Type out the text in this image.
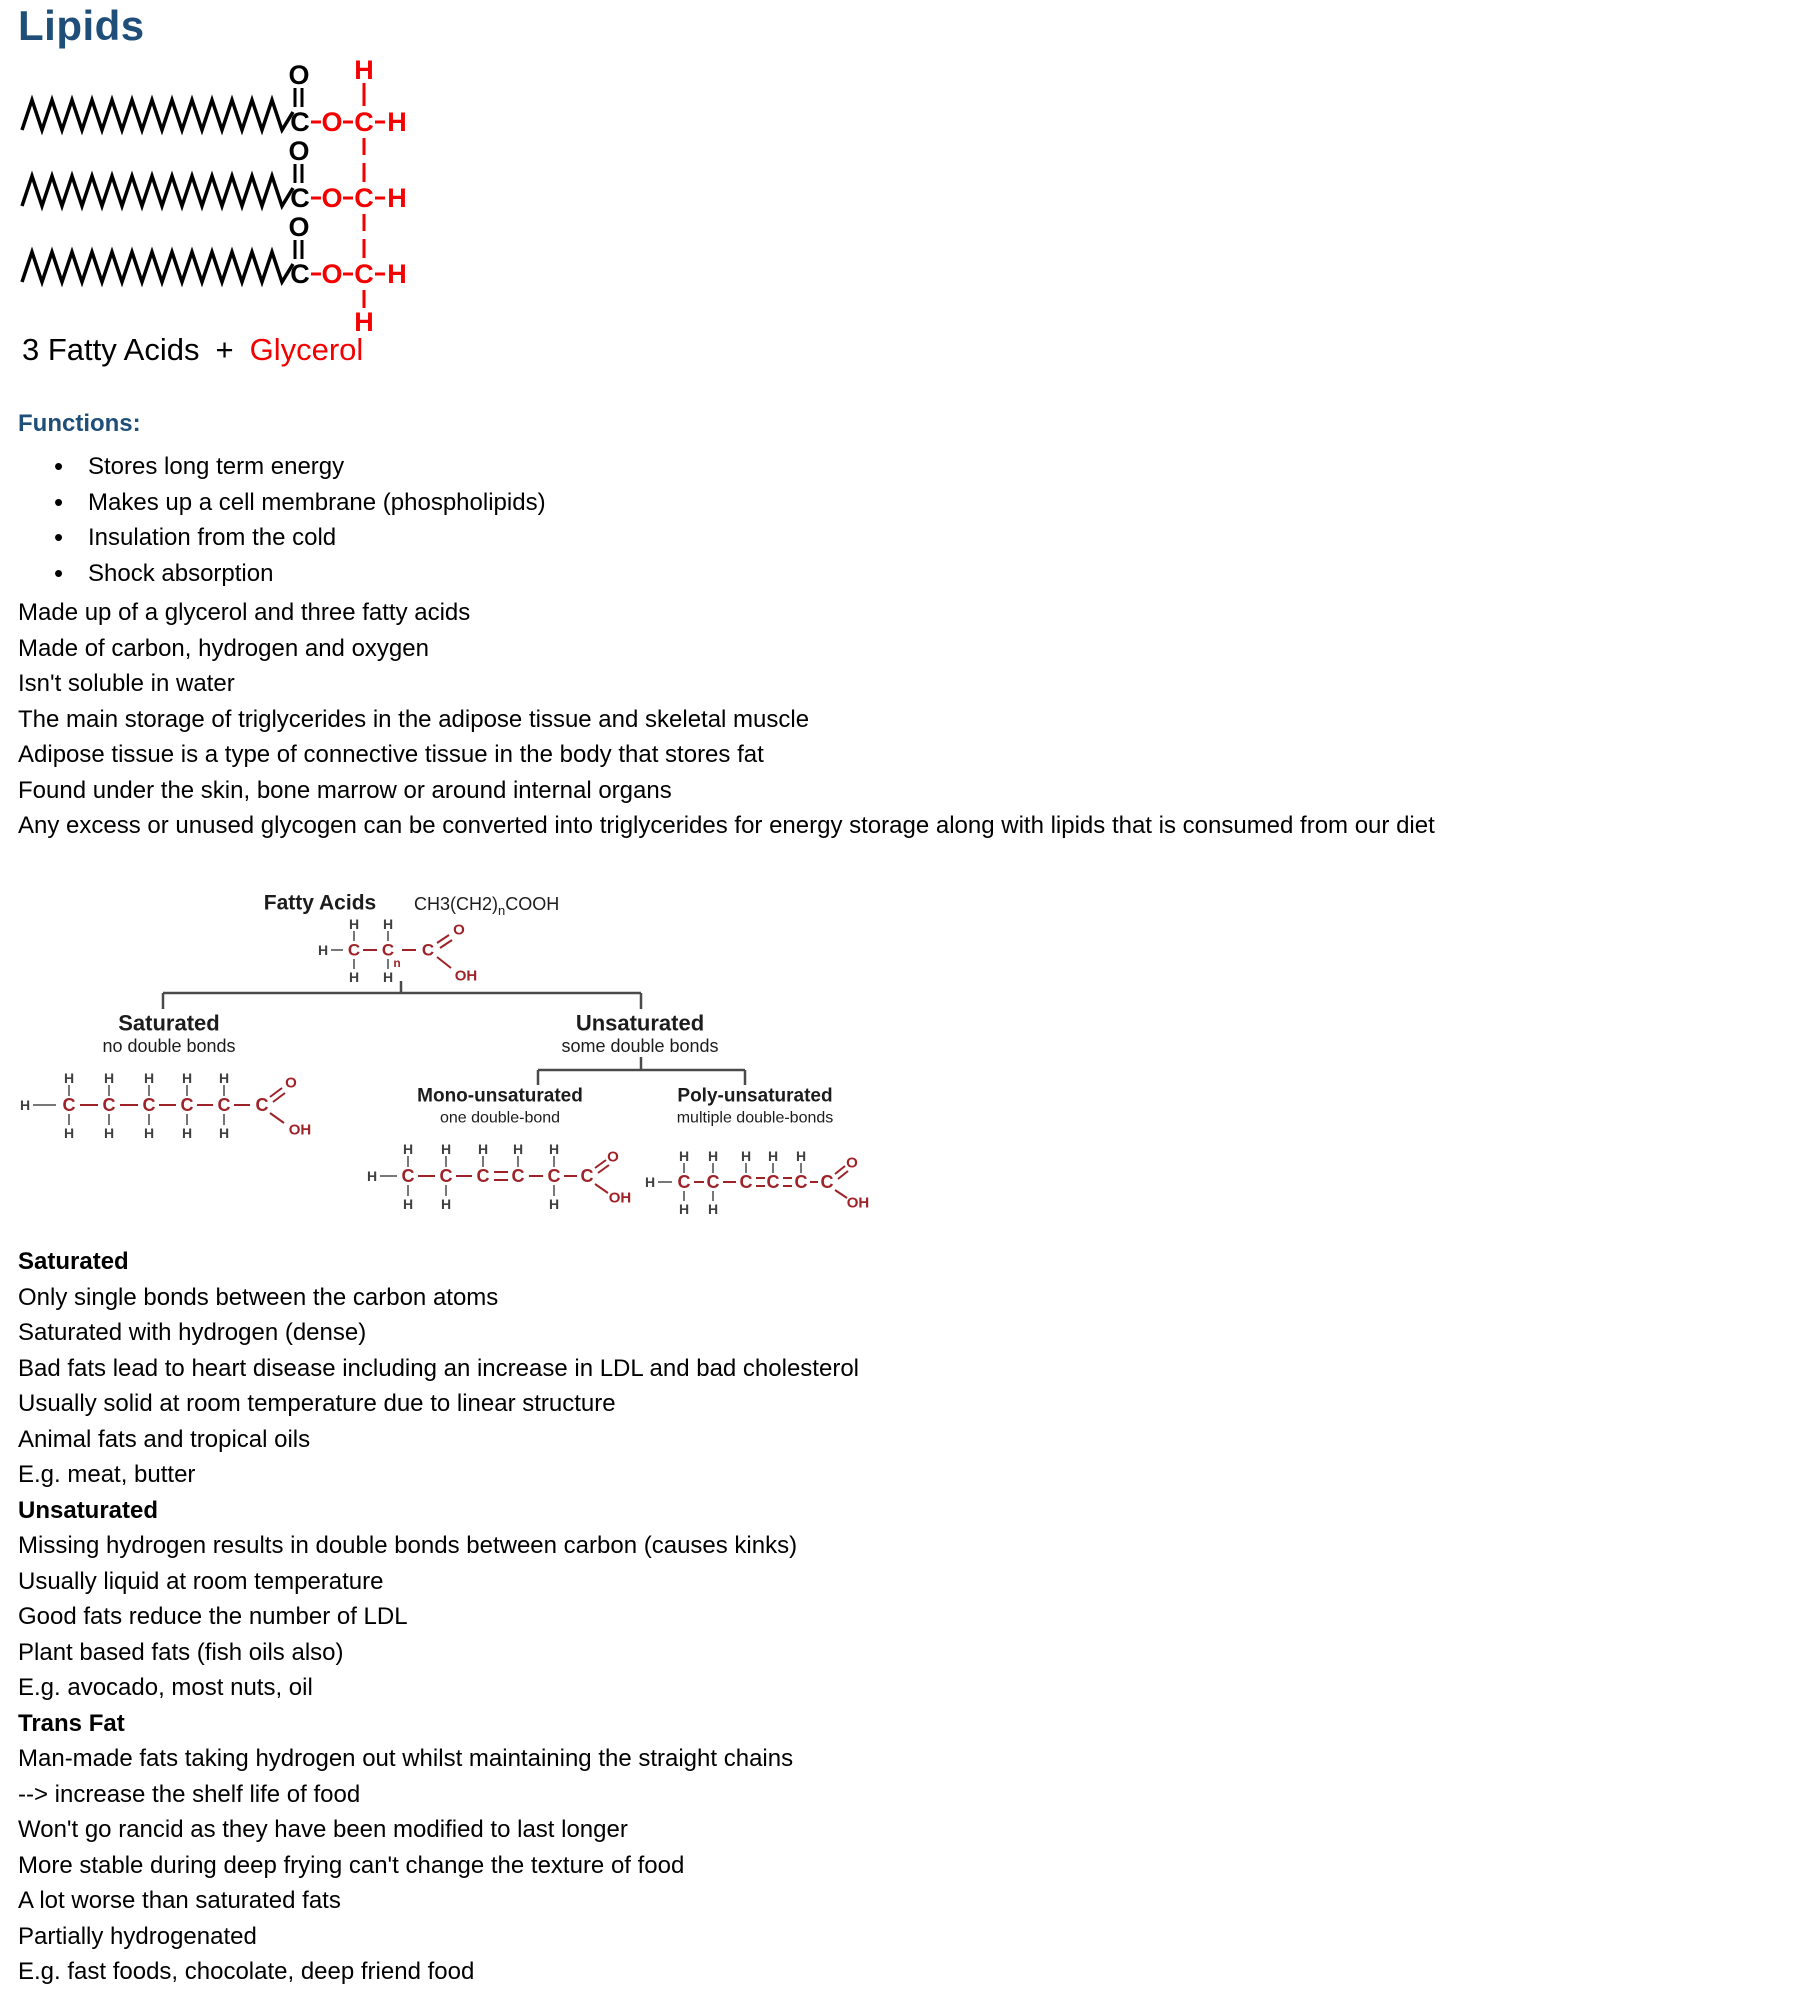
Lipids
O
C O C H
O
C O C H
O
C O C H
H
H
3 Fatty Acids + Glycerol
Functions:
• Stores long term energy
• Makes up a cell membrane (phospholipids)
• Insulation from the cold
• Shock absorption
Made up of a glycerol and three fatty acids
Made of carbon, hydrogen and oxygen
Isn't soluble in water
The main storage of triglycerides in the adipose tissue and skeletal muscle
Adipose tissue is a type of connective tissue in the body that stores fat
Found under the skin, bone marrow or around internal organs
Any excess or unused glycogen can be converted into triglycerides for energy storage along with lipids that is consumed from our diet
Fatty Acids $CH3(CH2)_nCOOH$
H C C
n
C
O
OH
H
H
H
H
Saturated
no double bonds
Unsaturated
some double bonds
Mono-unsaturated
one double-bond
Poly-unsaturated
multiple double-bonds
H C C C C C C
O
OH
H H H H H
H H H H H
H C C C C C C
O
OH
H H H H H
H H	H
H C C C C C C
O
OH
H H H H H
H H
Saturated
Only single bonds between the carbon atoms
Saturated with hydrogen (dense)
Bad fats lead to heart disease including an increase in LDL and bad cholesterol
Usually solid at room temperature due to linear structure
Animal fats and tropical oils
E.g. meat, butter
Unsaturated
Missing hydrogen results in double bonds between carbon (causes kinks)
Usually liquid at room temperature
Good fats reduce the number of LDL
Plant based fats (fish oils also)
E.g. avocado, most nuts, oil
Trans Fat
Man-made fats taking hydrogen out whilst maintaining the straight chains
--> increase the shelf life of food
Won't go rancid as they have been modified to last longer
More stable during deep frying can't change the texture of food
A lot worse than saturated fats
Partially hydrogenated
E.g. fast foods, chocolate, deep friend food
